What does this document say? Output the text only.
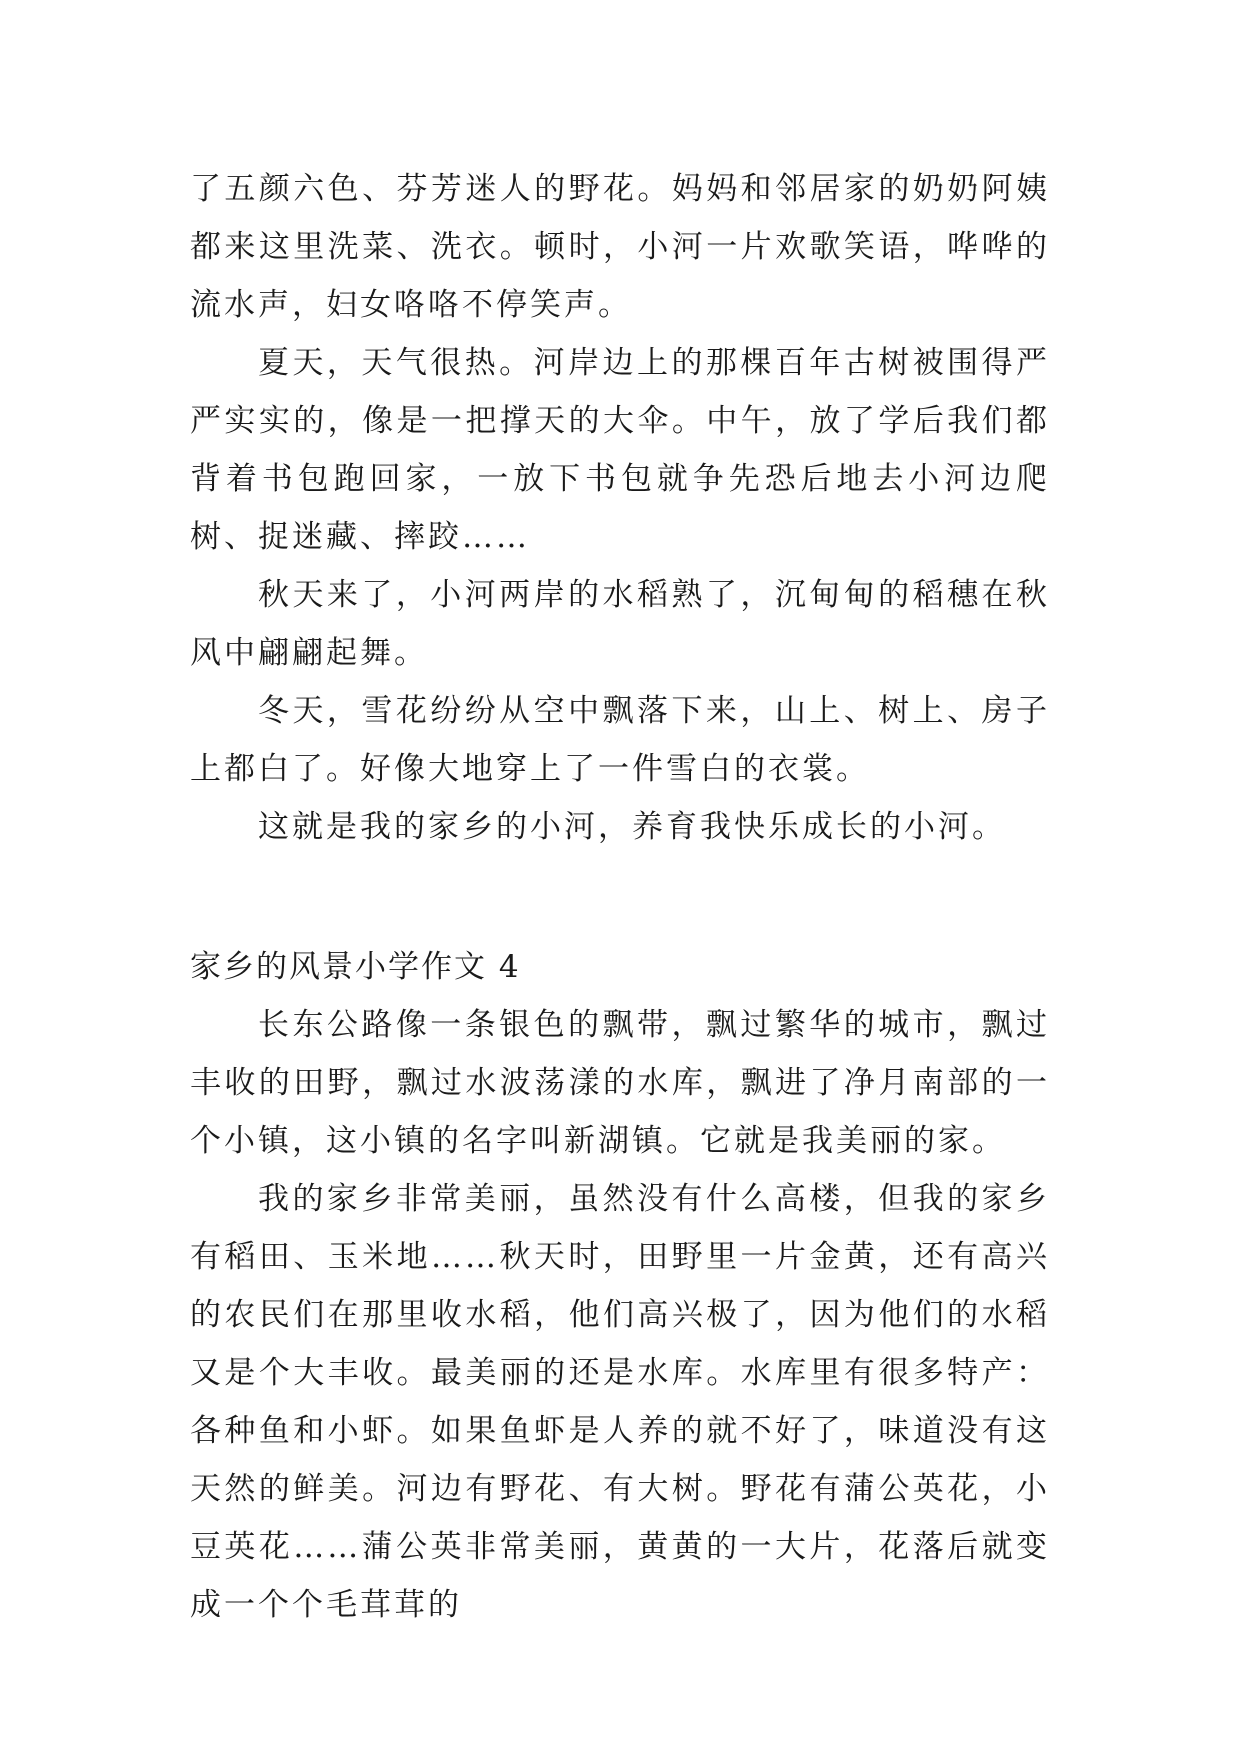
了五颜六色、芬芳迷人的野花。妈妈和邻居家的奶奶阿姨都来这里洗菜、洗衣。顿时，小河一片欢歌笑语，哗哗的流水声，妇女咯咯不停笑声。

夏天，天气很热。河岸边上的那棵百年古树被围得严严实实的，像是一把撑天的大伞。中午，放了学后我们都背着书包跑回家，一放下书包就争先恐后地去小河边爬树、捉迷藏、摔跤……

秋天来了，小河两岸的水稻熟了，沉甸甸的稻穗在秋风中翩翩起舞。

冬天，雪花纷纷从空中飘落下来，山上、树上、房子上都白了。好像大地穿上了一件雪白的衣裳。

这就是我的家乡的小河，养育我快乐成长的小河。

家乡的风景小学作文 4

长东公路像一条银色的飘带，飘过繁华的城市，飘过丰收的田野，飘过水波荡漾的水库，飘进了净月南部的一个小镇，这小镇的名字叫新湖镇。它就是我美丽的家。

我的家乡非常美丽，虽然没有什么高楼，但我的家乡有稻田、玉米地……秋天时，田野里一片金黄，还有高兴的农民们在那里收水稻，他们高兴极了，因为他们的水稻又是个大丰收。最美丽的还是水库。水库里有很多特产：各种鱼和小虾。如果鱼虾是人养的就不好了，味道没有这天然的鲜美。河边有野花、有大树。野花有蒲公英花，小豆英花……蒲公英非常美丽，黄黄的一大片，花落后就变成一个个毛茸茸的
